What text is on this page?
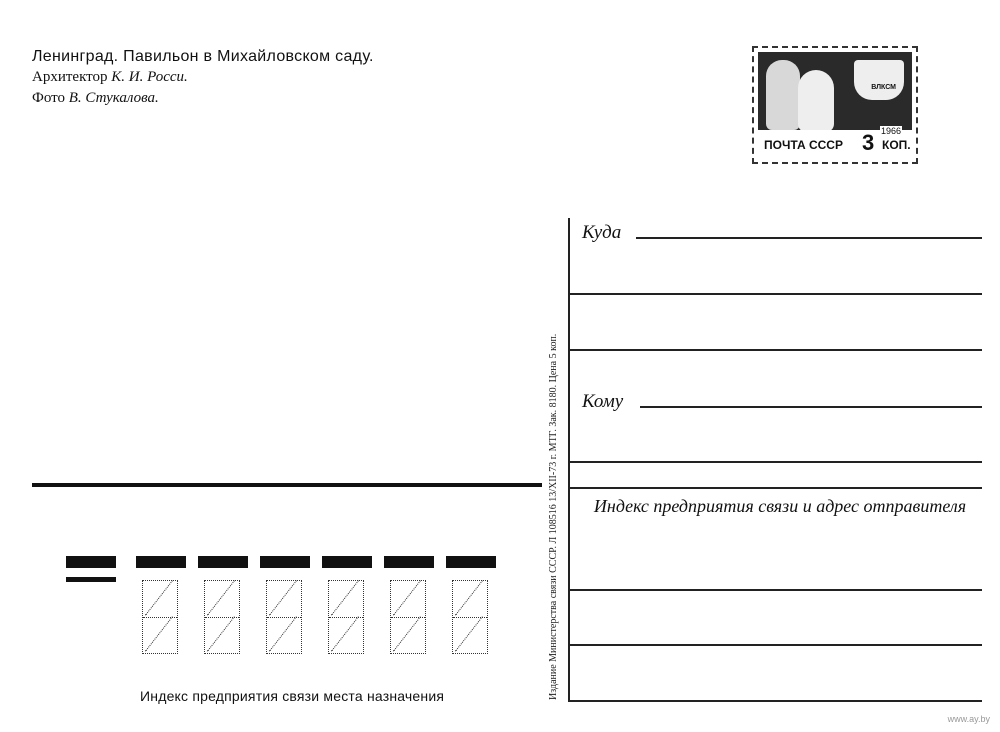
Ленинград. Павильон в Михайловском саду.
Архитектор К. И. Росси.
Фото В. Стукалова.
ВЛКСМ
ПОЧТА СССР
1966
3 КОП.
Издание Министерства связи СССР. Л 108516 13/XII-73 г. МТГ. Зак. 8180. Цена 5 коп.
Куда
Кому
Индекс предприятия связи и адрес отправителя
Индекс предприятия связи места назначения
www.ay.by
